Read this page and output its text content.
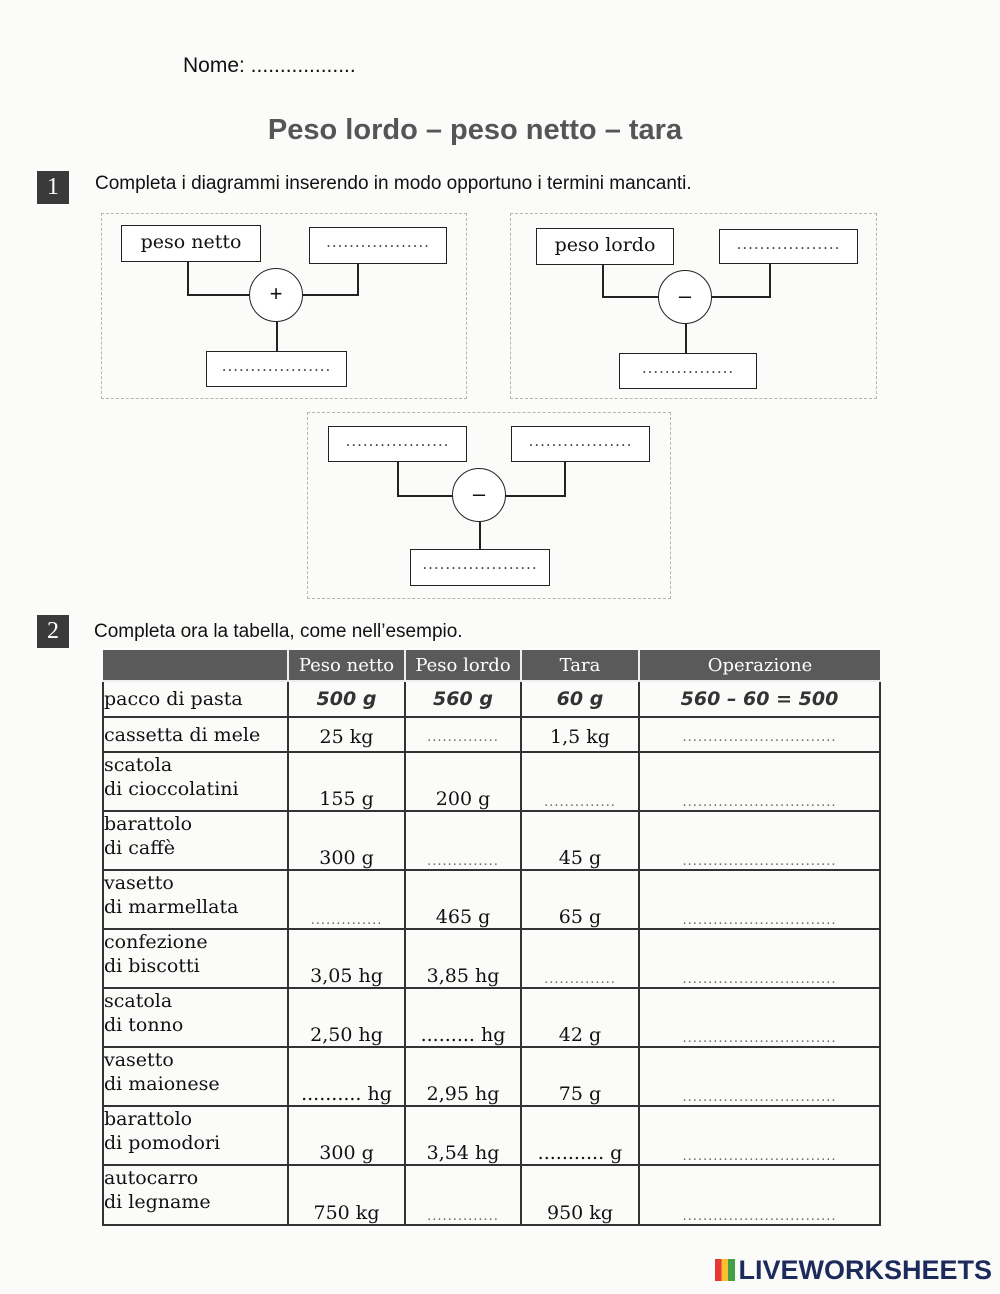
Nome: ..................
Peso lordo – peso netto – tara
1	Completa i diagrammi inserendo in modo opportuno i termini mancanti.
peso netto	..................
+
...................
peso lordo	..................
–
................
..................	..................
–
....................
2	Completa ora la tabella, come nell’esempio.
	Peso netto	Peso lordo	Tara	Operazione
pacco di pasta	500 g	560 g	60 g	560 – 60 = 500
cassetta di mele	25 kg	..............	1,5 kg	..............................
scatola
di cioccolatini	155 g	200 g	..............	..............................
barattolo
di caffè	300 g	..............	45 g	..............................
vasetto
di marmellata	..............	465 g	65 g	..............................
confezione
di biscotti	3,05 hg	3,85 hg	..............	..............................
scatola
di tonno	2,50 hg	......... hg	42 g	..............................
vasetto
di maionese	.......... hg	2,95 hg	75 g	..............................
barattolo
di pomodori	300 g	3,54 hg	........... g	..............................
autocarro
di legname	750 kg	..............	950 kg	..............................
LIVEWORKSHEETS
